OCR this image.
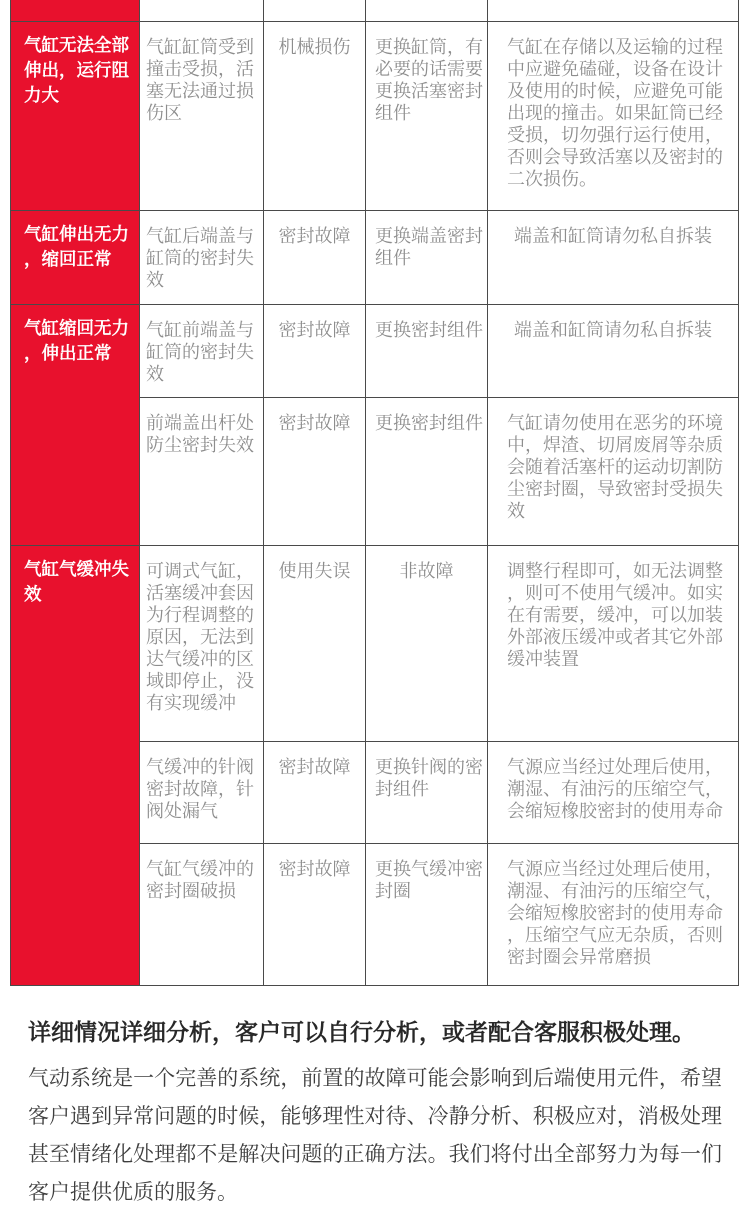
气缸无法全部伸出，运行阻力大	气缸缸筒受到撞击受损，活塞无法通过损伤区	机械损伤	更换缸筒，有必要的话需要更换活塞密封组件	气缸在存储以及运输的过程中应避免磕碰，设备在设计及使用的时候，应避免可能出现的撞击。如果缸筒已经受损，切勿强行运行使用，否则会导致活塞以及密封的二次损伤。
气缸伸出无力，缩回正常	气缸后端盖与缸筒的密封失效	密封故障	更换端盖密封组件	端盖和缸筒请勿私自拆装
气缸缩回无力，伸出正常	气缸前端盖与缸筒的密封失效	密封故障	更换密封组件	端盖和缸筒请勿私自拆装
	前端盖出杆处防尘密封失效	密封故障	更换密封组件	气缸请勿使用在恶劣的环境中，焊渣、切屑废屑等杂质会随着活塞杆的运动切割防尘密封圈，导致密封受损失效
气缸气缓冲失效	可调式气缸，活塞缓冲套因为行程调整的原因，无法到达气缓冲的区域即停止，没有实现缓冲	使用失误	非故障	调整行程即可，如无法调整，则可不使用气缓冲。如实在有需要，缓冲，可以加装外部液压缓冲或者其它外部缓冲装置
	气缓冲的针阀密封故障，针阀处漏气	密封故障	更换针阀的密封组件	气源应当经过处理后使用，潮湿、有油污的压缩空气，会缩短橡胶密封的使用寿命
	气缸气缓冲的密封圈破损	密封故障	更换气缓冲密封圈	气源应当经过处理后使用，潮湿、有油污的压缩空气，会缩短橡胶密封的使用寿命，压缩空气应无杂质，否则密封圈会异常磨损

详细情况详细分析，客户可以自行分析，或者配合客服积极处理。

气动系统是一个完善的系统，前置的故障可能会影响到后端使用元件，希望客户遇到异常问题的时候，能够理性对待、冷静分析、积极应对，消极处理甚至情绪化处理都不是解决问题的正确方法。我们将付出全部努力为每一们客户提供优质的服务。
